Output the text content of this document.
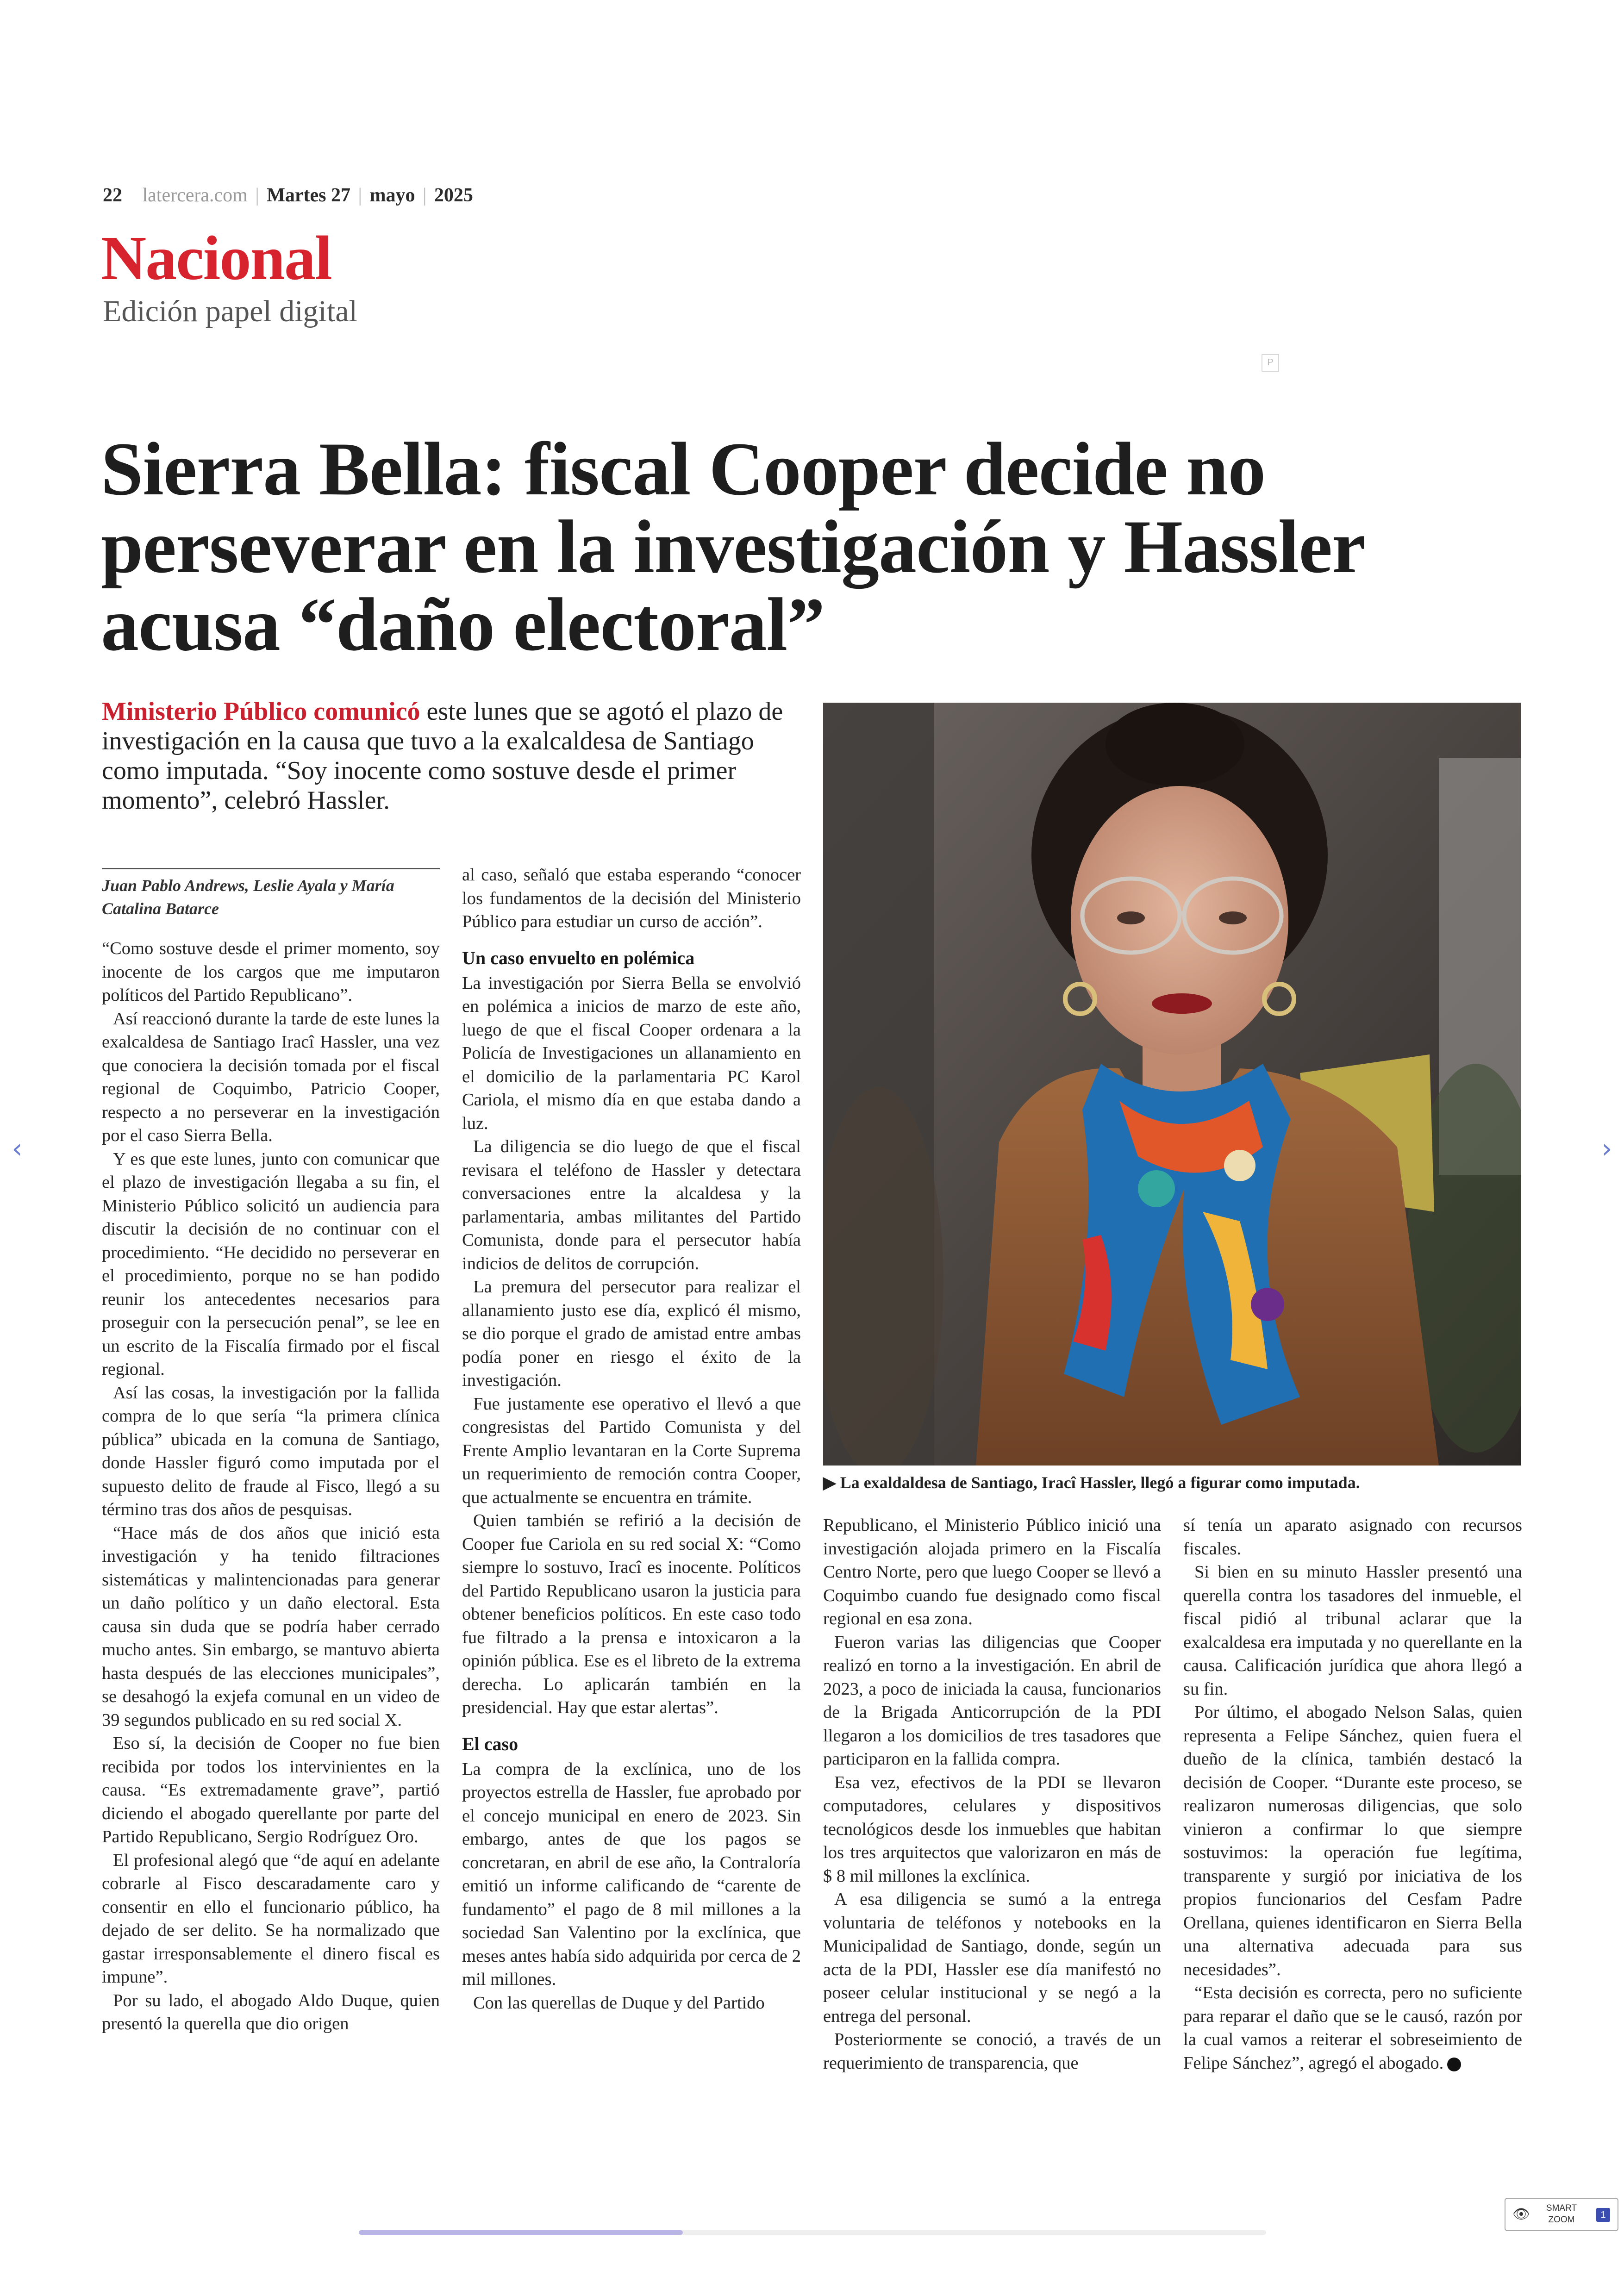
22 latercera.com | Martes 27 | mayo | 2025
Nacional
Edición papel digital
P
Sierra Bella: fiscal Cooper decide no perseverar en la investigación y Hassler acusa “daño electoral”
Ministerio Público comunicó este lunes que se agotó el plazo de investigación en la causa que tuvo a la exalcaldesa de Santiago como imputada. “Soy inocente como sostuve desde el primer momento”, celebró Hassler.
▶ La exaldaldesa de Santiago, Iracî Hassler, llegó a figurar como imputada.
Juan Pablo Andrews, Leslie Ayala y María Catalina Batarce

“Como sostuve desde el primer momento, soy inocente de los cargos que me imputaron políticos del Partido Republicano”.

Así reaccionó durante la tarde de este lunes la exalcaldesa de Santiago Iracî Hassler, una vez que conociera la decisión tomada por el fiscal regional de Coquimbo, Patricio Cooper, respecto a no perseverar en la investigación por el caso Sierra Bella.

Y es que este lunes, junto con comunicar que el plazo de investigación llegaba a su fin, el Ministerio Público solicitó un audiencia para discutir la decisión de no continuar con el procedimiento. “He decidido no perseverar en el procedimiento, porque no se han podido reunir los antecedentes necesarios para proseguir con la persecución penal”, se lee en un escrito de la Fiscalía firmado por el fiscal regional.

Así las cosas, la investigación por la fallida compra de lo que sería “la primera clínica pública” ubicada en la comuna de Santiago, donde Hassler figuró como imputada por el supuesto delito de fraude al Fisco, llegó a su término tras dos años de pesquisas.

“Hace más de dos años que inició esta investigación y ha tenido filtraciones sistemáticas y malintencionadas para generar un daño político y un daño electoral. Esta causa sin duda que se podría haber cerrado mucho antes. Sin embargo, se mantuvo abierta hasta después de las elecciones municipales”, se desahogó la exjefa comunal en un video de 39 segundos publicado en su red social X.

Eso sí, la decisión de Cooper no fue bien recibida por todos los intervinientes en la causa. “Es extremadamente grave”, partió diciendo el abogado querellante por parte del Partido Republicano, Sergio Rodríguez Oro.

El profesional alegó que “de aquí en adelante cobrarle al Fisco descaradamente caro y consentir en ello el funcionario público, ha dejado de ser delito. Se ha normalizado que gastar irresponsablemente el dinero fiscal es impune”.

Por su lado, el abogado Aldo Duque, quien presentó la querella que dio origen

al caso, señaló que estaba esperando “conocer los fundamentos de la decisión del Ministerio Público para estudiar un curso de acción”.

Un caso envuelto en polémica

La investigación por Sierra Bella se envolvió en polémica a inicios de marzo de este año, luego de que el fiscal Cooper ordenara a la Policía de Investigaciones un allanamiento en el domicilio de la parlamentaria PC Karol Cariola, el mismo día en que estaba dando a luz.

La diligencia se dio luego de que el fiscal revisara el teléfono de Hassler y detectara conversaciones entre la alcaldesa y la parlamentaria, ambas militantes del Partido Comunista, donde para el persecutor había indicios de delitos de corrupción.

La premura del persecutor para realizar el allanamiento justo ese día, explicó él mismo, se dio porque el grado de amistad entre ambas podía poner en riesgo el éxito de la investigación.

Fue justamente ese operativo el llevó a que congresistas del Partido Comunista y del Frente Amplio levantaran en la Corte Suprema un requerimiento de remoción contra Cooper, que actualmente se encuentra en trámite.

Quien también se refirió a la decisión de Cooper fue Cariola en su red social X: “Como siempre lo sostuvo, Iracî es inocente. Políticos del Partido Republicano usaron la justicia para obtener beneficios políticos. En este caso todo fue filtrado a la prensa e intoxicaron a la opinión pública. Ese es el libreto de la extrema derecha. Lo aplicarán también en la presidencial. Hay que estar alertas”.

El caso

La compra de la exclínica, uno de los proyectos estrella de Hassler, fue aprobado por el concejo municipal en enero de 2023. Sin embargo, antes de que los pagos se concretaran, en abril de ese año, la Contraloría emitió un informe calificando de “carente de fundamento” el pago de 8 mil millones a la sociedad San Valentino por la exclínica, que meses antes había sido adquirida por cerca de 2 mil millones.

Con las querellas de Duque y del Partido

Republicano, el Ministerio Público inició una investigación alojada primero en la Fiscalía Centro Norte, pero que luego Cooper se llevó a Coquimbo cuando fue designado como fiscal regional en esa zona.

Fueron varias las diligencias que Cooper realizó en torno a la investigación. En abril de 2023, a poco de iniciada la causa, funcionarios de la Brigada Anticorrupción de la PDI llegaron a los domicilios de tres tasadores que participaron en la fallida compra.

Esa vez, efectivos de la PDI se llevaron computadores, celulares y dispositivos tecnológicos desde los inmuebles que habitan los tres arquitectos que valorizaron en más de $ 8 mil millones la exclínica.

A esa diligencia se sumó a la entrega voluntaria de teléfonos y notebooks en la Municipalidad de Santiago, donde, según un acta de la PDI, Hassler ese día manifestó no poseer celular institucional y se negó a la entrega del personal.

Posteriormente se conoció, a través de un requerimiento de transparencia, que

sí tenía un aparato asignado con recursos fiscales.

Si bien en su minuto Hassler presentó una querella contra los tasadores del inmueble, el fiscal pidió al tribunal aclarar que la exalcaldesa era imputada y no querellante en la causa. Calificación jurídica que ahora llegó a su fin.

Por último, el abogado Nelson Salas, quien representa a Felipe Sánchez, quien fuera el dueño de la clínica, también destacó la decisión de Cooper. “Durante este proceso, se realizaron numerosas diligencias, que solo vinieron a confirmar lo que siempre sostuvimos: la operación fue legítima, transparente y surgió por iniciativa de los propios funcionarios del Cesfam Padre Orellana, quienes identificaron en Sierra Bella una alternativa adecuada para sus necesidades”.

“Esta decisión es correcta, pero no suficiente para reparar el daño que se le causó, razón por la cual vamos a reiterar el sobreseimiento de Felipe Sánchez”, agregó el abogado.

‹	›
👁	SMART
ZOOM	1
